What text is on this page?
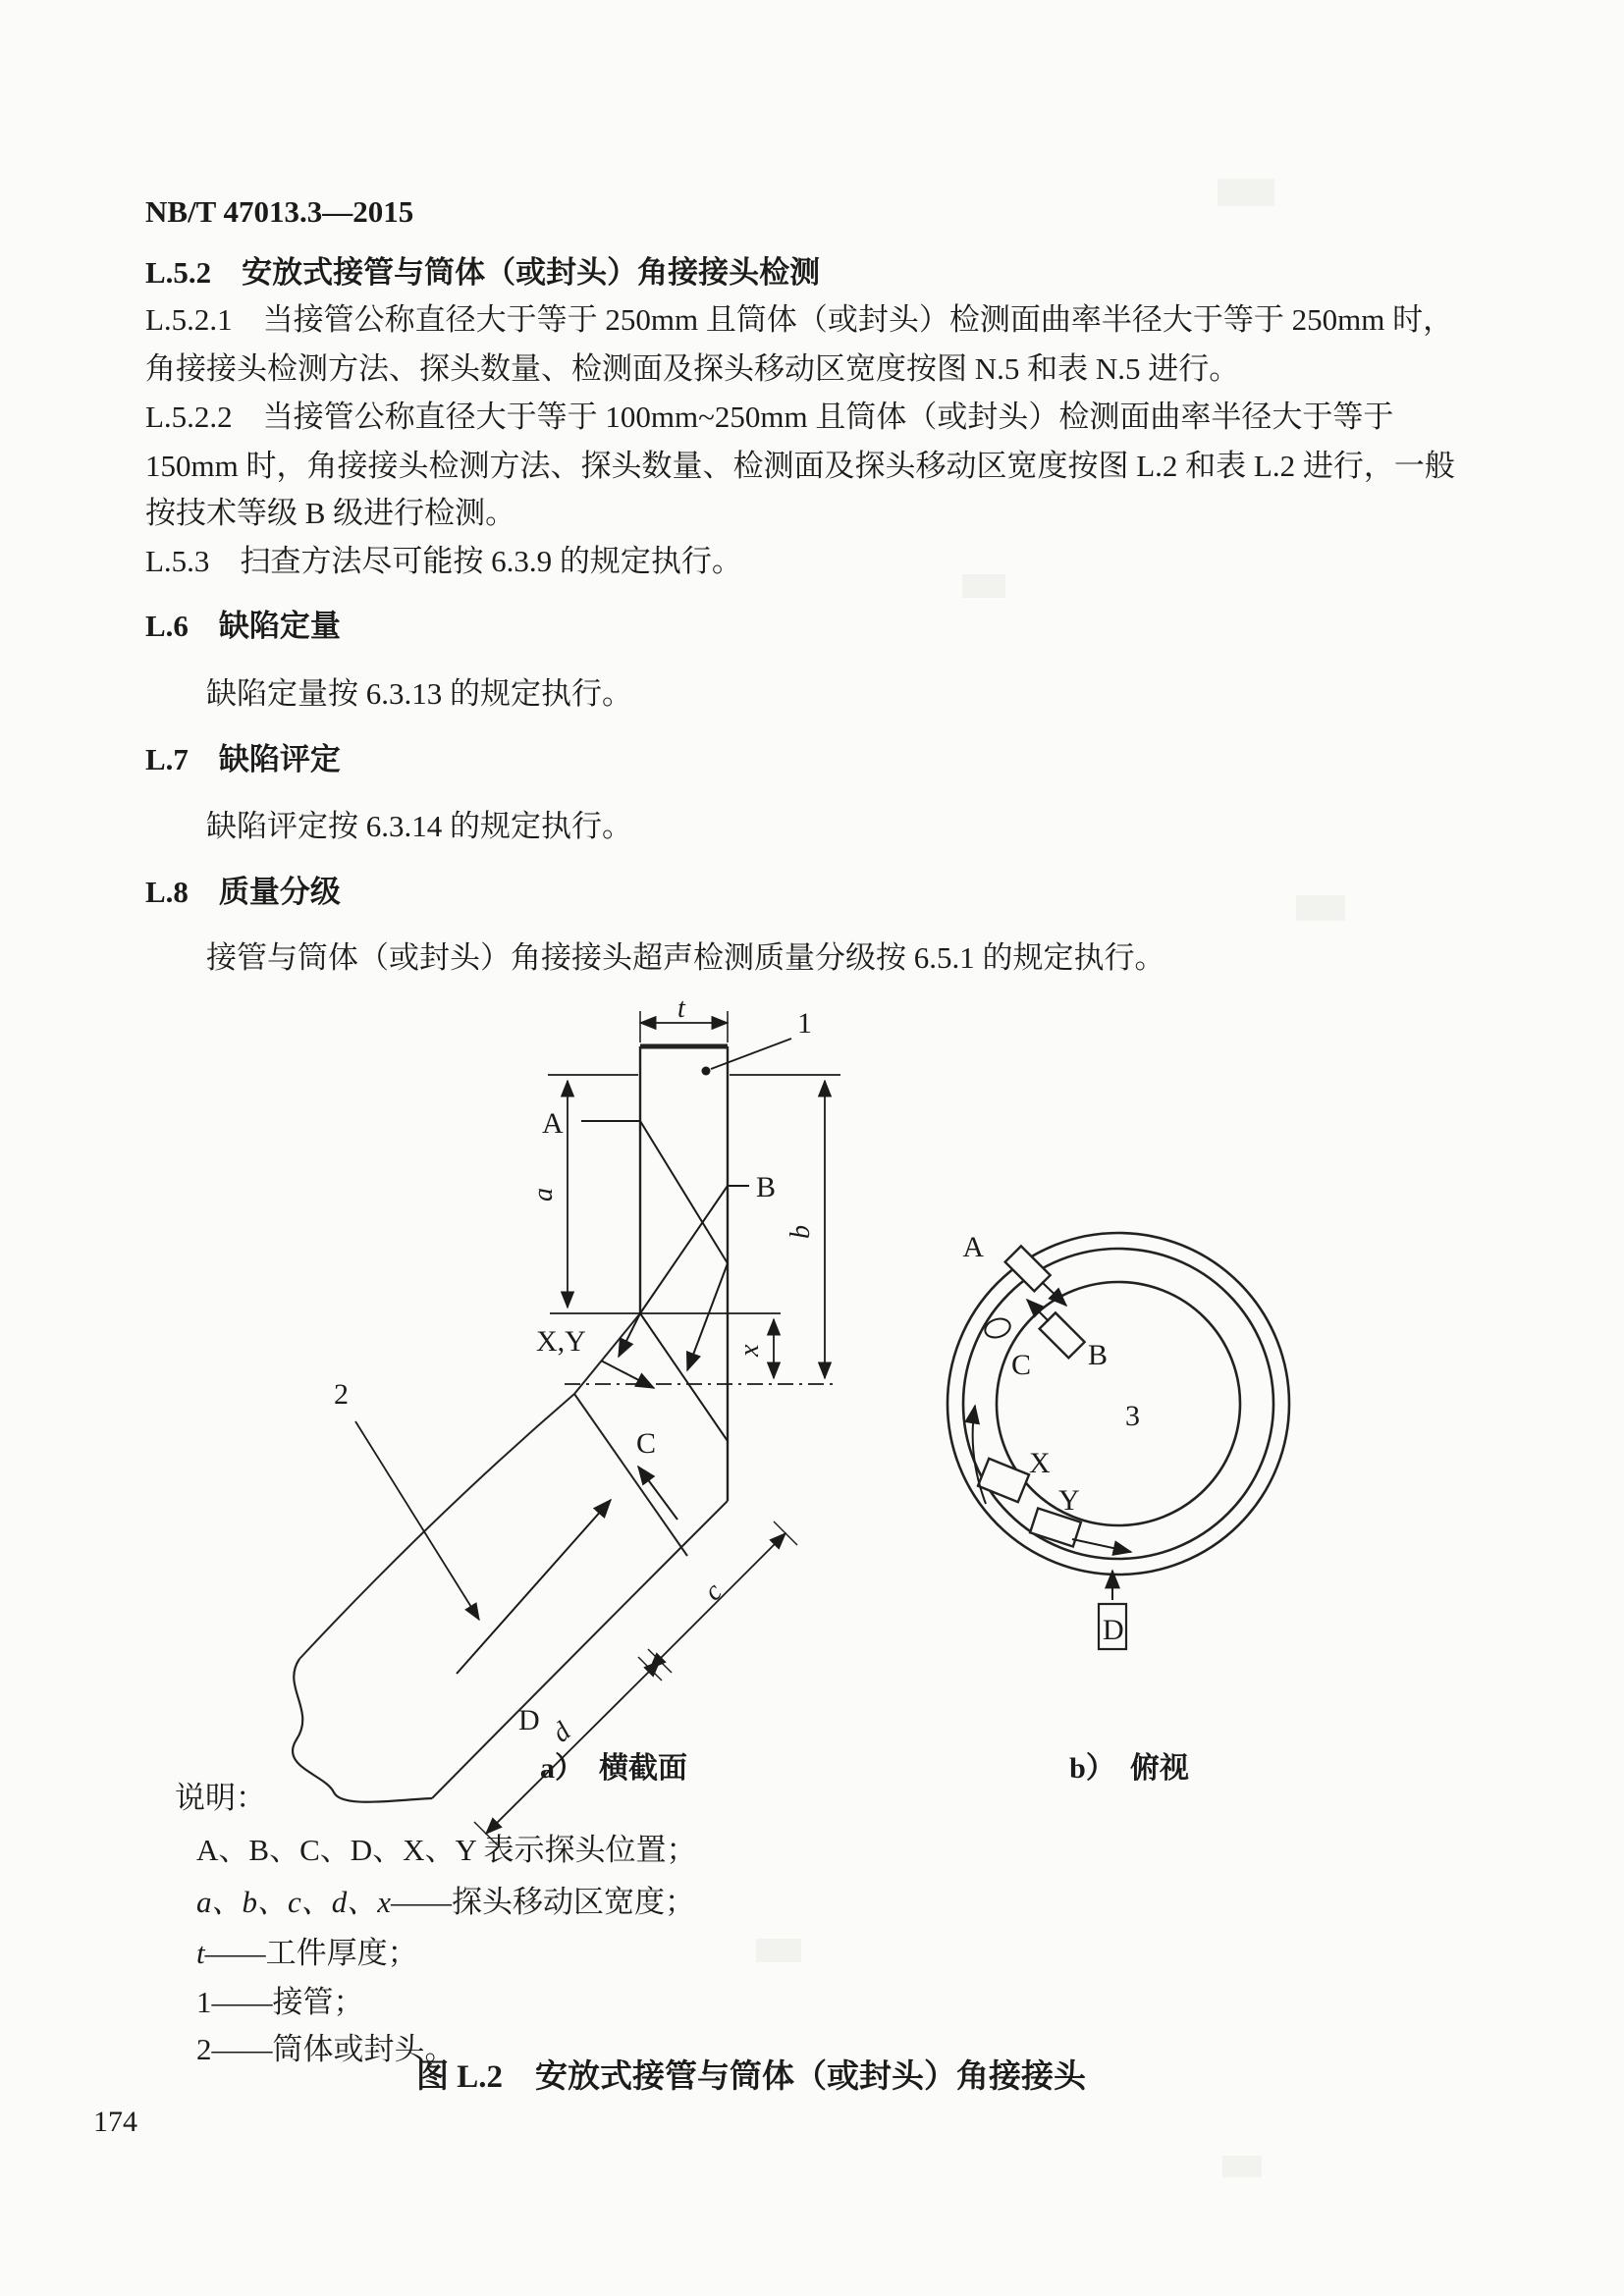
NB/T 47013.3—2015
L.5.2　安放式接管与筒体（或封头）角接接头检测
L.5.2.1　当接管公称直径大于等于 250mm 且筒体（或封头）检测面曲率半径大于等于 250mm 时，
角接接头检测方法、探头数量、检测面及探头移动区宽度按图 N.5 和表 N.5 进行。
L.5.2.2　当接管公称直径大于等于 100mm~250mm 且筒体（或封头）检测面曲率半径大于等于
150mm 时，角接接头检测方法、探头数量、检测面及探头移动区宽度按图 L.2 和表 L.2 进行，一般
按技术等级 B 级进行检测。
L.5.3　扫查方法尽可能按 6.3.9 的规定执行。
L.6　缺陷定量
缺陷定量按 6.3.13 的规定执行。
L.7　缺陷评定
缺陷评定按 6.3.14 的规定执行。
L.8　质量分级
接管与筒体（或封头）角接接头超声检测质量分级按 6.5.1 的规定执行。
t	1
A
B
a
b
x
X,Y
2
C
c
D d
A
B
C
X
Y
3
D
a）　横截面	b）　俯视
说明：
A、B、C、D、X、Y 表示探头位置；
a、b、c、d、x——探头移动区宽度；
t——工件厚度；
1——接管；
2——筒体或封头。
图 L.2　安放式接管与筒体（或封头）角接接头
174
